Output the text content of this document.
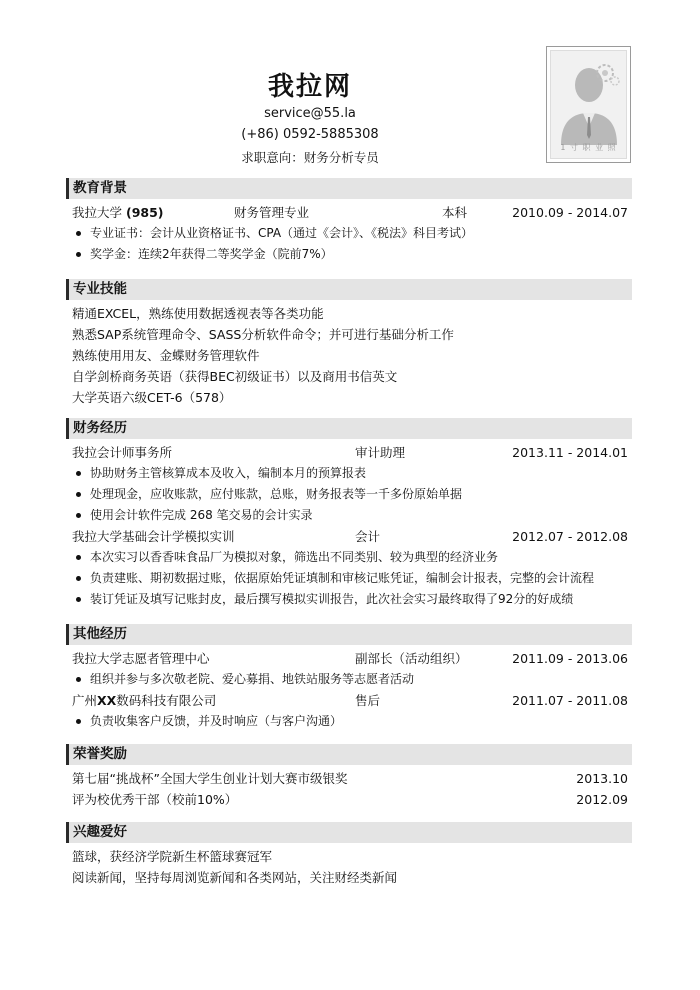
我拉网
service@55.la
(+86) 0592-5885308
求职意向：财务分析专员
1 寸 职 业 照
教育背景
我拉大学 (985)	财务管理专业	本科	2010.09 - 2014.07
专业证书：会计从业资格证书、CPA（通过《会计》、《税法》科目考试）
奖学金：连续2年获得二等奖学金（院前7%）
专业技能
精通EXCEL，熟练使用数据透视表等各类功能
熟悉SAP系统管理命令、SASS分析软件命令；并可进行基础分析工作
熟练使用用友、金蝶财务管理软件
自学剑桥商务英语（获得BEC初级证书）以及商用书信英文
大学英语六级CET-6（578）
财务经历
我拉会计师事务所	审计助理	2013.11 - 2014.01
协助财务主管核算成本及收入，编制本月的预算报表
处理现金，应收账款，应付账款，总账，财务报表等一千多份原始单据
使用会计软件完成 268 笔交易的会计实录
我拉大学基础会计学模拟实训	会计	2012.07 - 2012.08
本次实习以香香味食品厂为模拟对象，筛选出不同类别、较为典型的经济业务
负责建账、期初数据过账，依据原始凭证填制和审核记账凭证，编制会计报表，完整的会计流程
装订凭证及填写记账封皮，最后撰写模拟实训报告，此次社会实习最终取得了92分的好成绩
其他经历
我拉大学志愿者管理中心	副部长（活动组织）	2011.09 - 2013.06
组织并参与多次敬老院、爱心募捐、地铁站服务等志愿者活动
广州XX数码科技有限公司	售后	2011.07 - 2011.08
负责收集客户反馈，并及时响应（与客户沟通）
荣誉奖励
第七届“挑战杯”全国大学生创业计划大赛市级银奖	2013.10
评为校优秀干部（校前10%）	2012.09
兴趣爱好
篮球，获经济学院新生杯篮球赛冠军
阅读新闻，坚持每周浏览新闻和各类网站，关注财经类新闻
